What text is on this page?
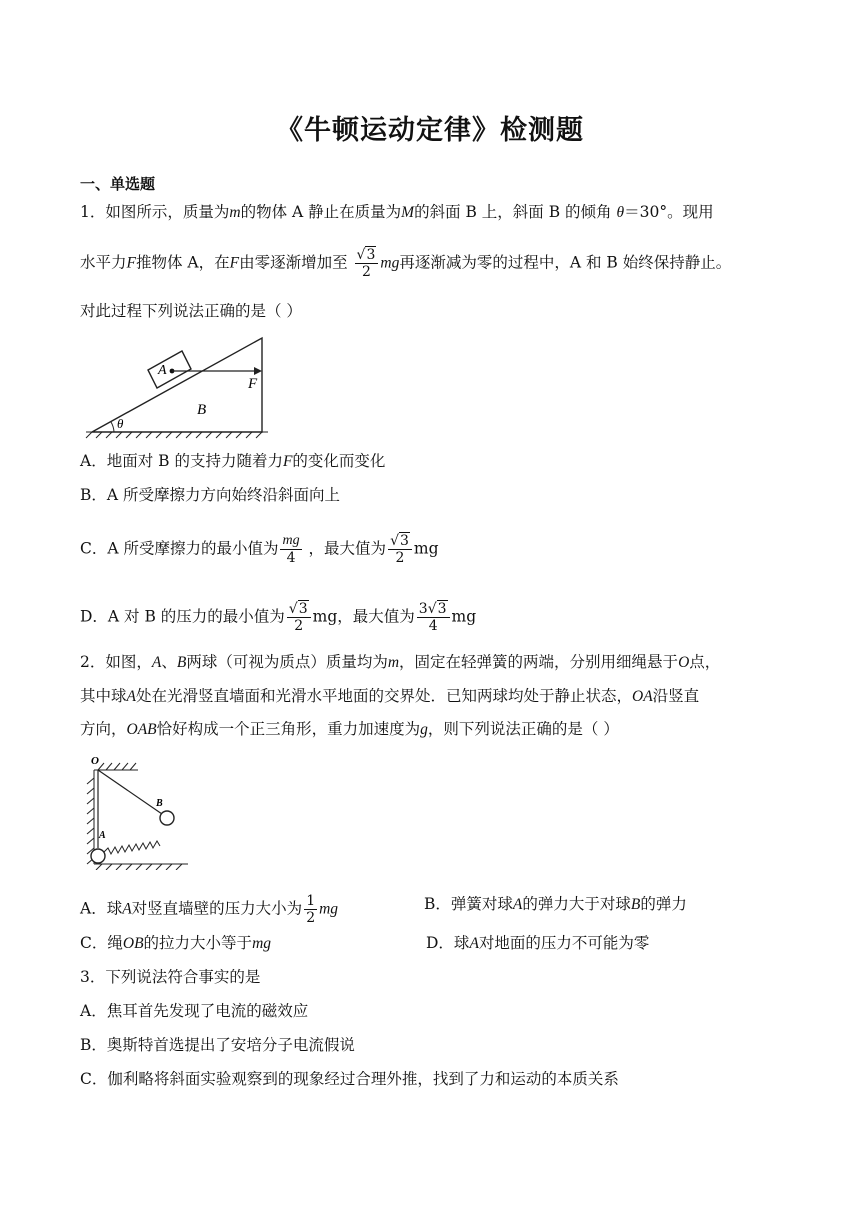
《牛顿运动定律》检测题
一、单选题
1．如图所示，质量为m的物体 A 静止在质量为M的斜面 B 上，斜面 B 的倾角 θ＝30°。现用
水平力F推物体 A，在F由零逐渐增加至 $\frac{√3}{2}$ mg再逐渐减为零的过程中，A 和 B 始终保持静止。
对此过程下列说法正确的是（ ）
A
F
B
θ
A．地面对 B 的支持力随着力F的变化而变化
B．A 所受摩擦力方向始终沿斜面向上
C．A 所受摩擦力的最小值为 $\frac{mg}{4}$ ，最大值为 $\frac{√3}{2}$ mg
D．A 对 B 的压力的最小值为 $\frac{√3}{2}$ mg，最大值为 $\frac{3√3}{4}$ mg
2．如图，A、B两球（可视为质点）质量均为m，固定在轻弹簧的两端，分别用细绳悬于O点，
其中球A处在光滑竖直墙面和光滑水平地面的交界处．已知两球均处于静止状态，OA沿竖直
方向，OAB恰好构成一个正三角形，重力加速度为g，则下列说法正确的是（ ）
O
A
B
A．球A对竖直墙壁的压力大小为 $\frac{1}{2}$ mg	B．弹簧对球A的弹力大于对球B的弹力
C．绳OB的拉力大小等于mg	D．球A对地面的压力不可能为零
3．下列说法符合事实的是
A．焦耳首先发现了电流的磁效应
B．奥斯特首选提出了安培分子电流假说
C．伽利略将斜面实验观察到的现象经过合理外推，找到了力和运动的本质关系
